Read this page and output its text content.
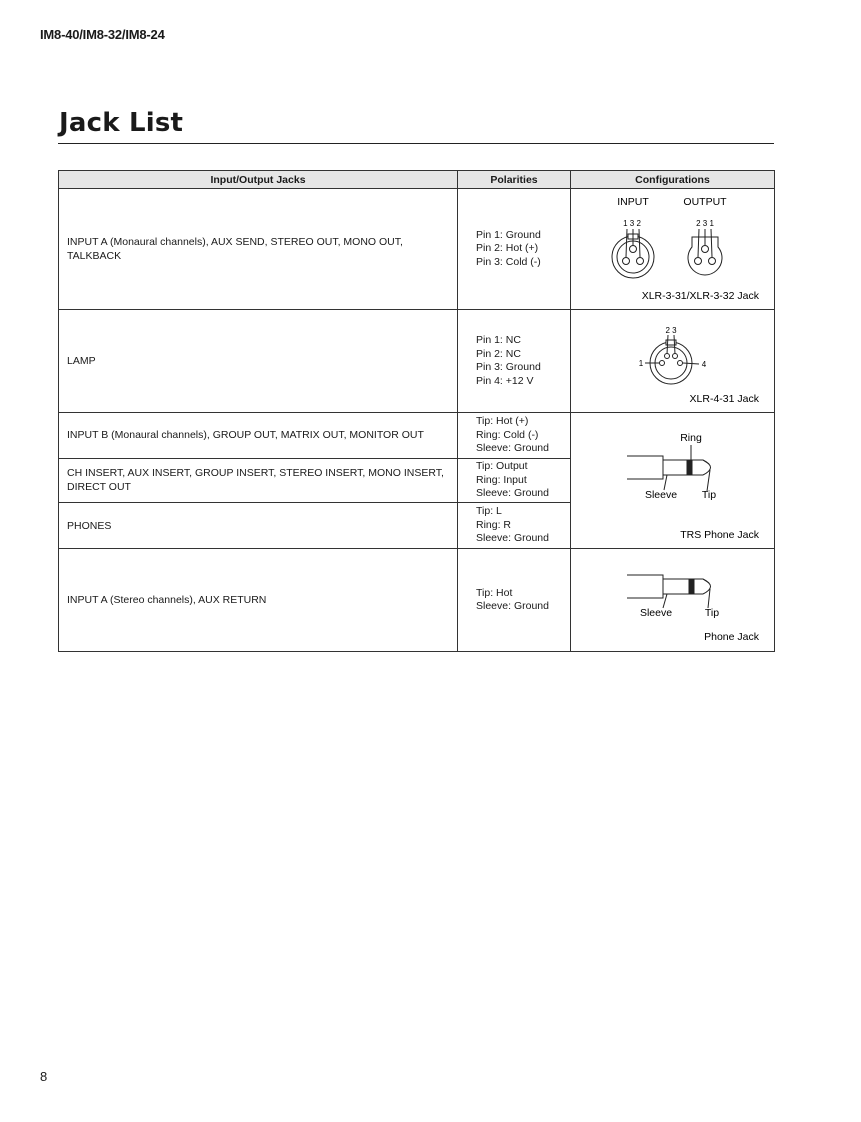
IM8-40/IM8-32/IM8-24
Jack List
Input/Output Jacks	Polarities	Configurations
INPUT A (Monaural channels), AUX SEND, STEREO OUT, MONO OUT, TALKBACK	Pin 1: Ground
Pin 2: Hot (+)
Pin 3: Cold (-)	INPUT OUTPUT
1 3 2 2 3 1
XLR-3-31/XLR-3-32 Jack

LAMP	Pin 1: NC
Pin 2: NC
Pin 3: Ground
Pin 4: +12 V	2 3
1 4
XLR-4-31 Jack

INPUT B (Monaural channels), GROUP OUT, MATRIX OUT, MONITOR OUT	Tip: Hot (+)
Ring: Cold (-)
Sleeve: Ground	Ring
Sleeve Tip
TRS Phone Jack

CH INSERT, AUX INSERT, GROUP INSERT, STEREO INSERT, MONO INSERT, DIRECT OUT	Tip: Output
Ring: Input
Sleeve: Ground	

PHONES	Tip: L
Ring: R
Sleeve: Ground	

INPUT A (Stereo channels), AUX RETURN	Tip: Hot
Sleeve: Ground	Sleeve Tip
Phone Jack
8
